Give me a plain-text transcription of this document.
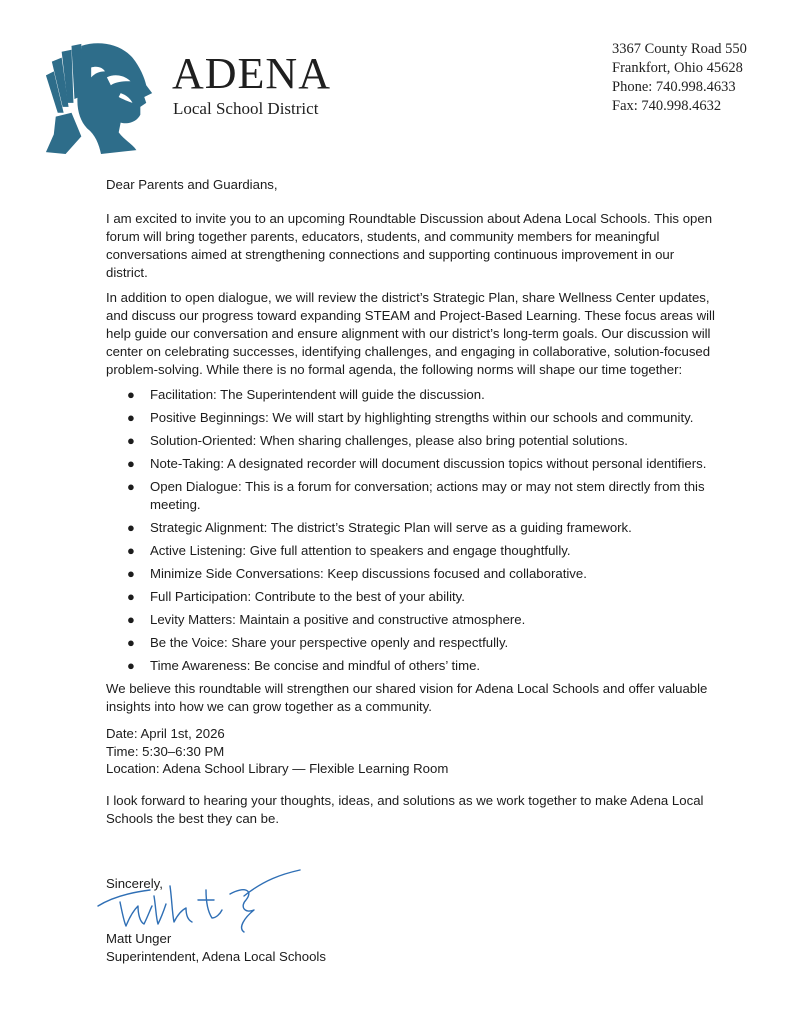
ADENA
Local School District
3367 County Road 550
Frankfort, Ohio 45628
Phone: 740.998.4633
Fax: 740.998.4632

Dear Parents and Guardians,

I am excited to invite you to an upcoming Roundtable Discussion about Adena Local Schools. This open forum will bring together parents, educators, students, and community members for meaningful conversations aimed at strengthening connections and supporting continuous improvement in our district.

In addition to open dialogue, we will review the district’s Strategic Plan, share Wellness Center updates, and discuss our progress toward expanding STEAM and Project-Based Learning. These focus areas will help guide our conversation and ensure alignment with our district’s long-term goals. Our discussion will center on celebrating successes, identifying challenges, and engaging in collaborative, solution-focused problem-solving. While there is no formal agenda, the following norms will shape our time together:

● Facilitation: The Superintendent will guide the discussion.
● Positive Beginnings: We will start by highlighting strengths within our schools and community.
● Solution-Oriented: When sharing challenges, please also bring potential solutions.
● Note-Taking: A designated recorder will document discussion topics without personal identifiers.
● Open Dialogue: This is a forum for conversation; actions may or may not stem directly from this meeting.
● Strategic Alignment: The district’s Strategic Plan will serve as a guiding framework.
● Active Listening: Give full attention to speakers and engage thoughtfully.
● Minimize Side Conversations: Keep discussions focused and collaborative.
● Full Participation: Contribute to the best of your ability.
● Levity Matters: Maintain a positive and constructive atmosphere.
● Be the Voice: Share your perspective openly and respectfully.
● Time Awareness: Be concise and mindful of others’ time.

We believe this roundtable will strengthen our shared vision for Adena Local Schools and offer valuable insights into how we can grow together as a community.

Date: April 1st, 2026
Time: 5:30–6:30 PM
Location: Adena School Library — Flexible Learning Room

I look forward to hearing your thoughts, ideas, and solutions as we work together to make Adena Local Schools the best they can be.

Sincerely,
Matt Unger
Superintendent, Adena Local Schools
